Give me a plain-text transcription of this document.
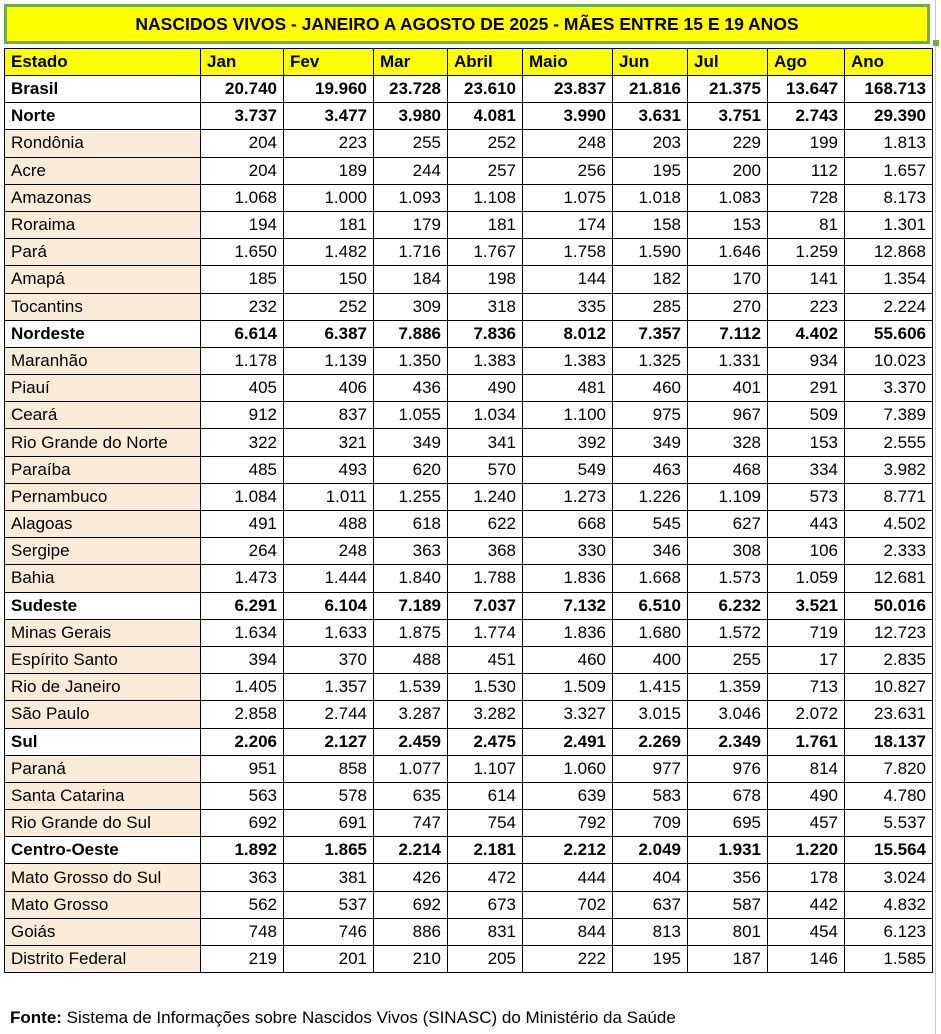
NASCIDOS VIVOS - JANEIRO A AGOSTO DE 2025 - MÃES ENTRE 15 E 19 ANOS
Estado	Jan	Fev	Mar	Abril	Maio	Jun	Jul	Ago	Ano
Brasil	20.740	19.960	23.728	23.610	23.837	21.816	21.375	13.647	168.713
Norte	3.737	3.477	3.980	4.081	3.990	3.631	3.751	2.743	29.390
Rondônia	204	223	255	252	248	203	229	199	1.813
Acre	204	189	244	257	256	195	200	112	1.657
Amazonas	1.068	1.000	1.093	1.108	1.075	1.018	1.083	728	8.173
Roraima	194	181	179	181	174	158	153	81	1.301
Pará	1.650	1.482	1.716	1.767	1.758	1.590	1.646	1.259	12.868
Amapá	185	150	184	198	144	182	170	141	1.354
Tocantins	232	252	309	318	335	285	270	223	2.224
Nordeste	6.614	6.387	7.886	7.836	8.012	7.357	7.112	4.402	55.606
Maranhão	1.178	1.139	1.350	1.383	1.383	1.325	1.331	934	10.023
Piauí	405	406	436	490	481	460	401	291	3.370
Ceará	912	837	1.055	1.034	1.100	975	967	509	7.389
Rio Grande do Norte	322	321	349	341	392	349	328	153	2.555
Paraíba	485	493	620	570	549	463	468	334	3.982
Pernambuco	1.084	1.011	1.255	1.240	1.273	1.226	1.109	573	8.771
Alagoas	491	488	618	622	668	545	627	443	4.502
Sergipe	264	248	363	368	330	346	308	106	2.333
Bahia	1.473	1.444	1.840	1.788	1.836	1.668	1.573	1.059	12.681
Sudeste	6.291	6.104	7.189	7.037	7.132	6.510	6.232	3.521	50.016
Minas Gerais	1.634	1.633	1.875	1.774	1.836	1.680	1.572	719	12.723
Espírito Santo	394	370	488	451	460	400	255	17	2.835
Rio de Janeiro	1.405	1.357	1.539	1.530	1.509	1.415	1.359	713	10.827
São Paulo	2.858	2.744	3.287	3.282	3.327	3.015	3.046	2.072	23.631
Sul	2.206	2.127	2.459	2.475	2.491	2.269	2.349	1.761	18.137
Paraná	951	858	1.077	1.107	1.060	977	976	814	7.820
Santa Catarina	563	578	635	614	639	583	678	490	4.780
Rio Grande do Sul	692	691	747	754	792	709	695	457	5.537
Centro-Oeste	1.892	1.865	2.214	2.181	2.212	2.049	1.931	1.220	15.564
Mato Grosso do Sul	363	381	426	472	444	404	356	178	3.024
Mato Grosso	562	537	692	673	702	637	587	442	4.832
Goiás	748	746	886	831	844	813	801	454	6.123
Distrito Federal	219	201	210	205	222	195	187	146	1.585
Fonte: Sistema de Informações sobre Nascidos Vivos (SINASC) do Ministério da Saúde
